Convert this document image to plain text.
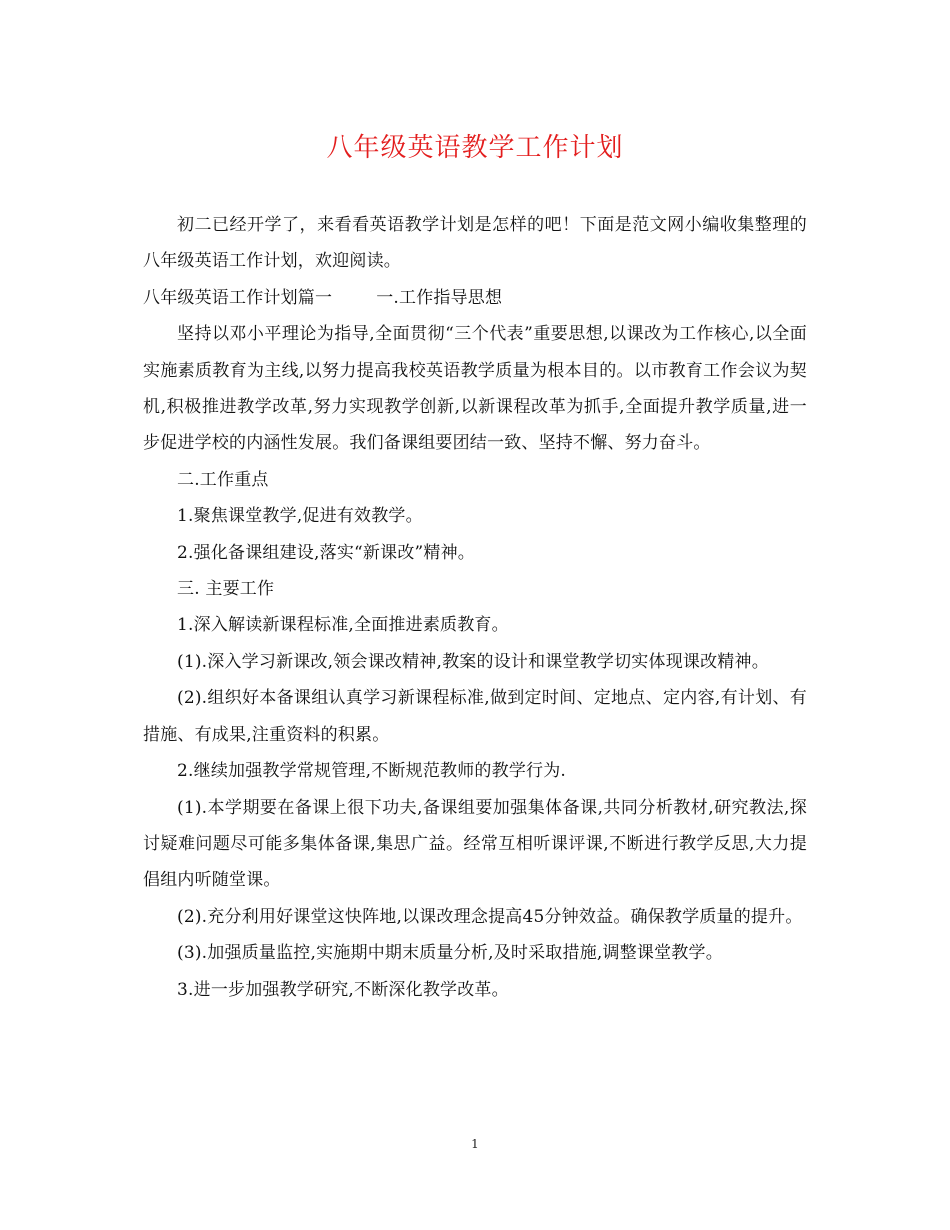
八年级英语教学工作计划

初二已经开学了，来看看英语教学计划是怎样的吧！下面是范文网小编收集整理的八年级英语工作计划，欢迎阅读。

八年级英语工作计划篇一	一.工作指导思想

坚持以邓小平理论为指导,全面贯彻“三个代表”重要思想,以课改为工作核心,以全面实施素质教育为主线,以努力提高我校英语教学质量为根本目的。以市教育工作会议为契机,积极推进教学改革,努力实现教学创新,以新课程改革为抓手,全面提升教学质量,进一步促进学校的内涵性发展。我们备课组要团结一致、坚持不懈、努力奋斗。

二.工作重点

1.聚焦课堂教学,促进有效教学。

2.强化备课组建设,落实“新课改”精神。

三. 主要工作

1.深入解读新课程标准,全面推进素质教育。

(1).深入学习新课改,领会课改精神,教案的设计和课堂教学切实体现课改精神。

(2).组织好本备课组认真学习新课程标准,做到定时间、定地点、定内容,有计划、有措施、有成果,注重资料的积累。

2.继续加强教学常规管理,不断规范教师的教学行为.

(1).本学期要在备课上很下功夫,备课组要加强集体备课,共同分析教材,研究教法,探讨疑难问题尽可能多集体备课,集思广益。经常互相听课评课,不断进行教学反思,大力提倡组内听随堂课。

(2).充分利用好课堂这快阵地,以课改理念提高45分钟效益。确保教学质量的提升。

(3).加强质量监控,实施期中期末质量分析,及时采取措施,调整课堂教学。

3.进一步加强教学研究,不断深化教学改革。

1
